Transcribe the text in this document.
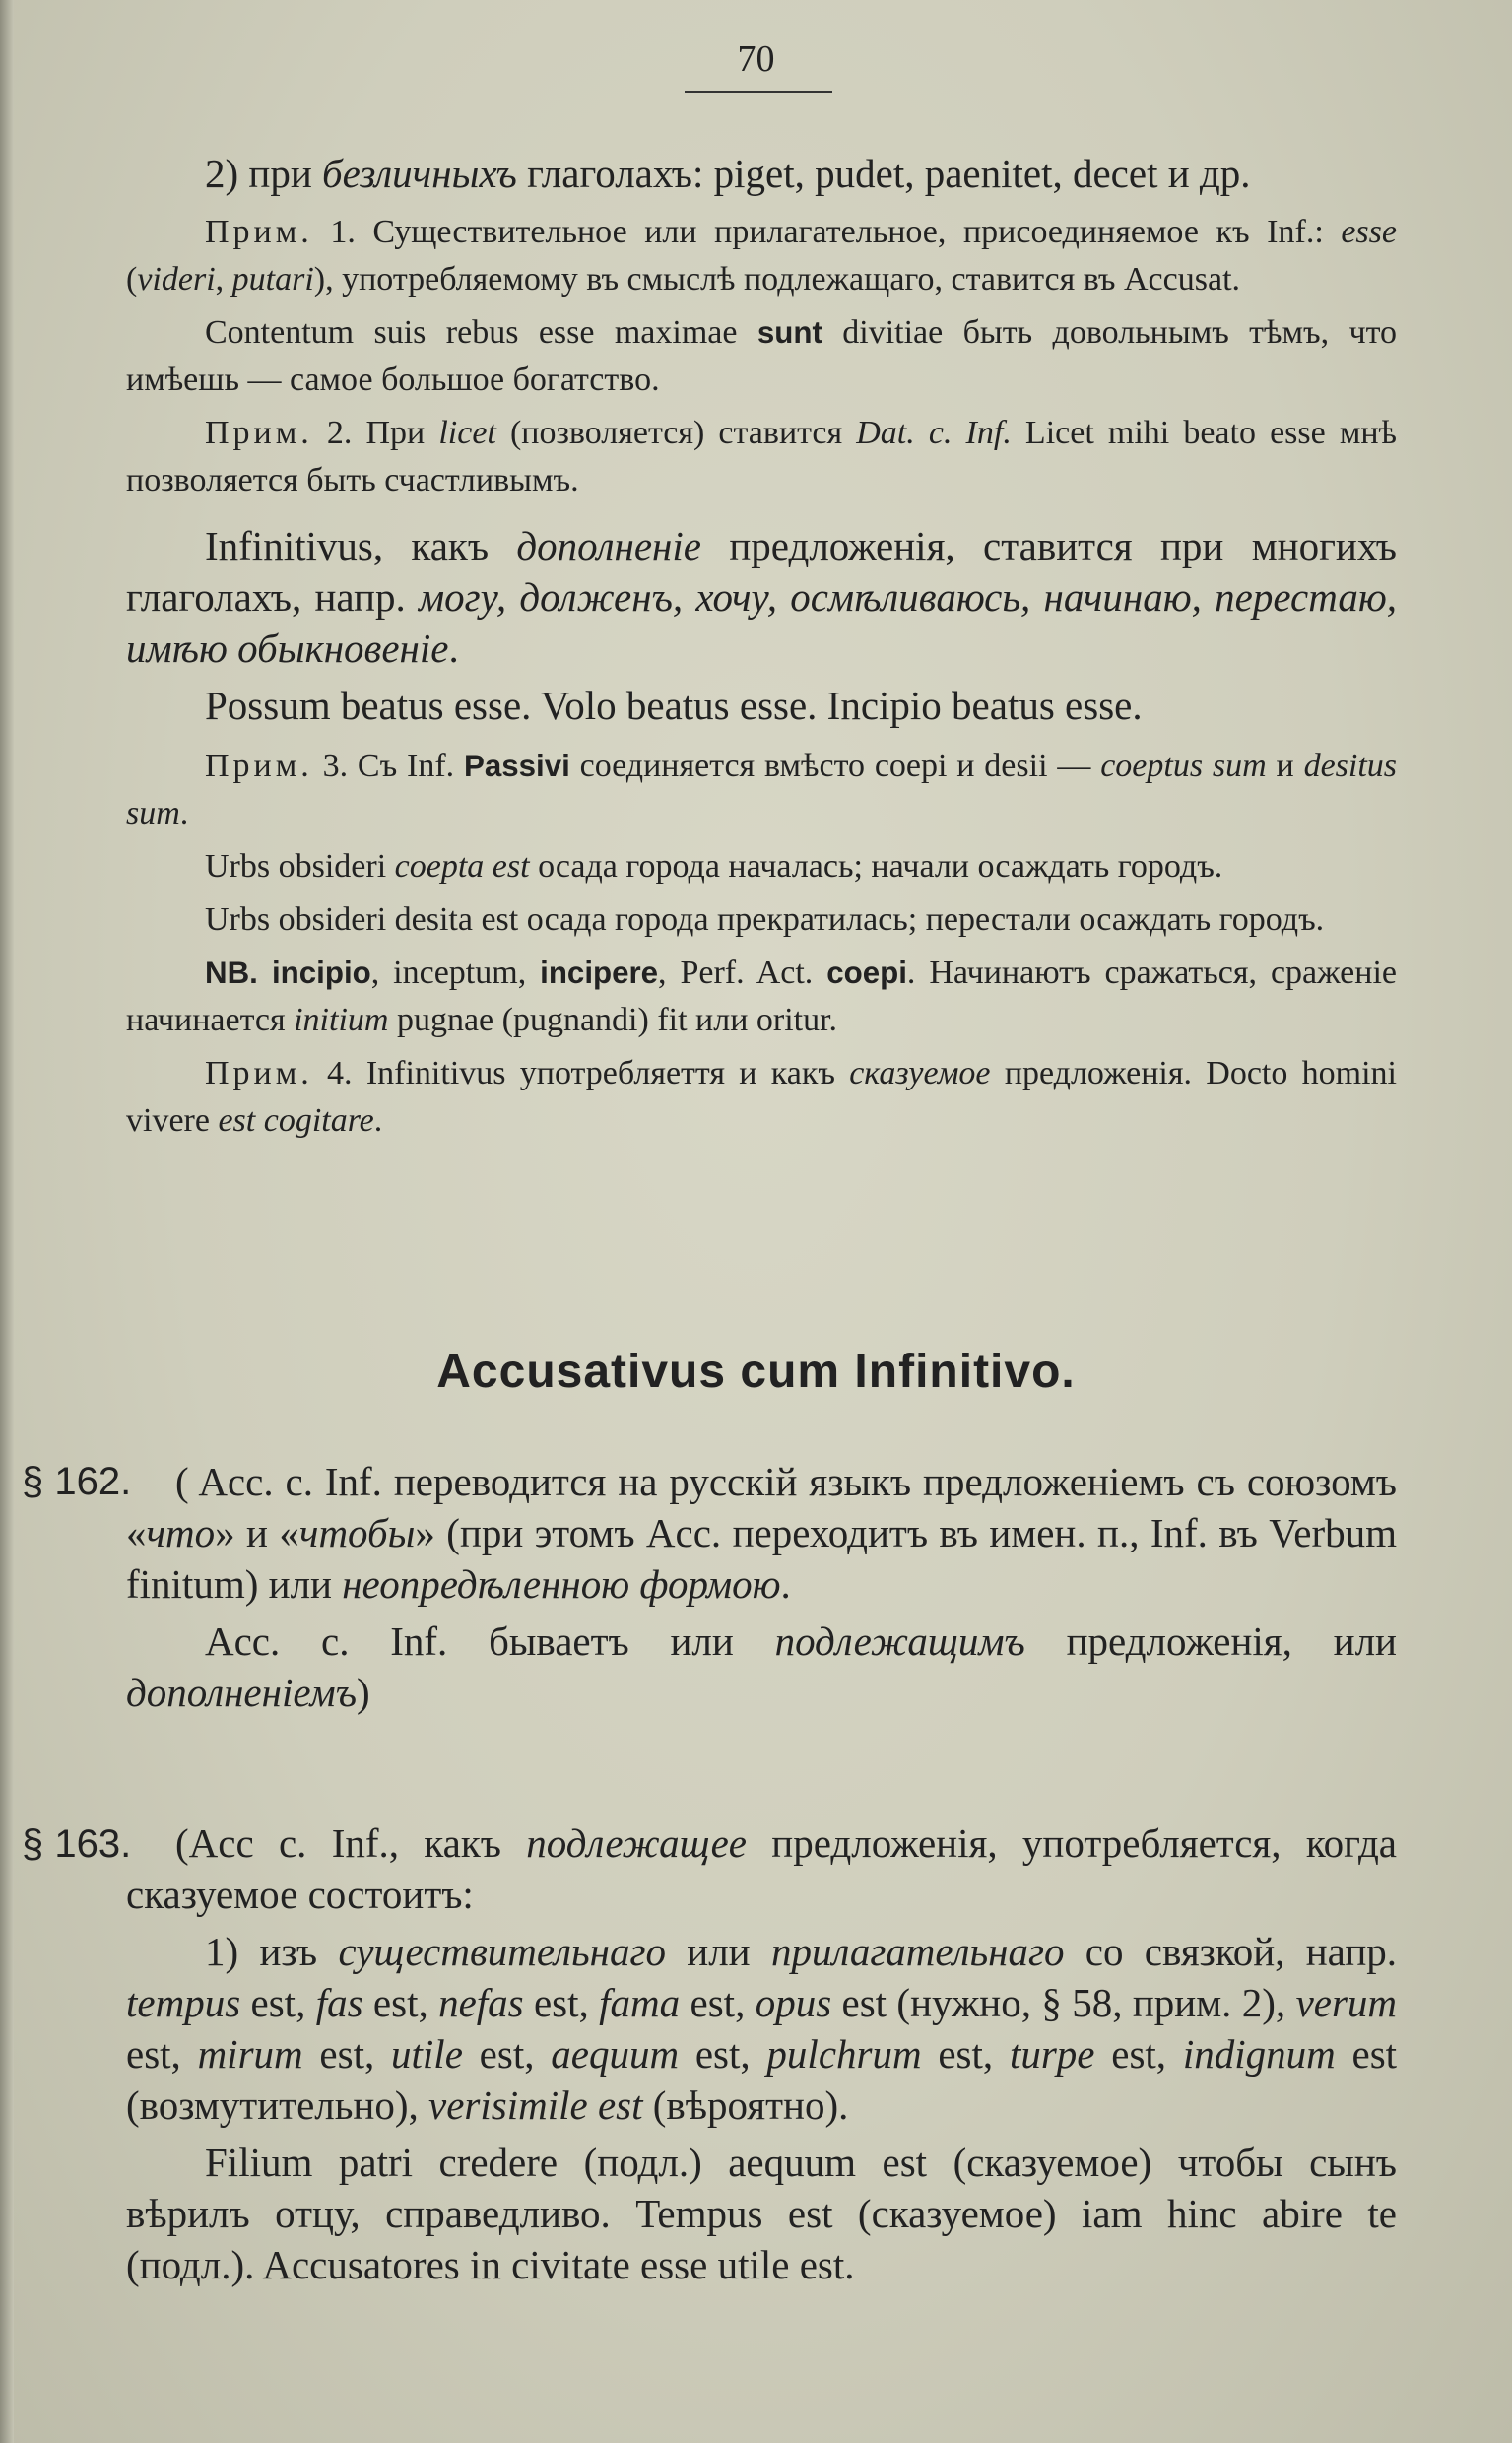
70

2) при безличныхъ глаголахъ: piget, pudet, paenitet, decet и др.

Прим. 1. Существительное или прилагательное, присоединяемое къ Inf.: esse (videri, putari), употребляемому въ смыслѣ подлежащаго, ставится въ Accusat.

Contentum suis rebus esse maximae sunt divitiae быть довольнымъ тѣмъ, что имѣешь — самое большое богатство.

Прим. 2. При licet (позволяется) ставится Dat. c. Inf. Licet mihi beato esse мнѣ позволяется быть счастливымъ.

Infinitivus, какъ дополненіе предложенія, ставится при многихъ глаголахъ, напр. могу, долженъ, хочу, осмѣливаюсь, начинаю, перестаю, имѣю обыкновеніе.

Possum beatus esse. Volo beatus esse. Incipio beatus esse.

Прим. 3. Съ Inf. Passivi соединяется вмѣсто coepi и desii — coeptus sum и desitus sum.

Urbs obsideri coepta est осада города началась; начали осаждать городъ.

Urbs obsideri desita est осада города прекратилась; перестали осаждать городъ.

NB. incipio, inceptum, incipere, Perf. Act. coepi. Начинаютъ сражаться, сраженіе начинается initium pugnae (pugnandi) fit или oritur.

Прим. 4. Infinitivus употребляеття и какъ сказуемое предложенія. Docto homini vivere est cogitare.

Accusativus cum Infinitivo.
§ 162.	( Acc. c. Inf. переводится на русскій языкъ предложеніемъ съ союзомъ «что» и «чтобы» (при этомъ Acc. переходитъ въ имен. п., Inf. въ Verbum finitum) или неопредѣленною формою.

Acc. c. Inf. бываетъ или подлежащимъ предложенія, или дополненіемъ)

§ 163.	(Acc c. Inf., какъ подлежащее предложенія, употребляется, когда сказуемое состоитъ:

1) изъ существительнаго или прилагательнаго со связкой, напр. tempus est, fas est, nefas est, fama est, opus est (нужно, § 58, прим. 2), verum est, mirum est, utile est, aequum est, pulchrum est, turpe est, indignum est (возмутительно), verisimile est (вѣроятно).

Filium patri credere (подл.) aequum est (сказуемое) чтобы сынъ вѣрилъ отцу, справедливо. Tempus est (сказуемое) iam hinc abire te (подл.). Accusatores in civitate esse utile est.
